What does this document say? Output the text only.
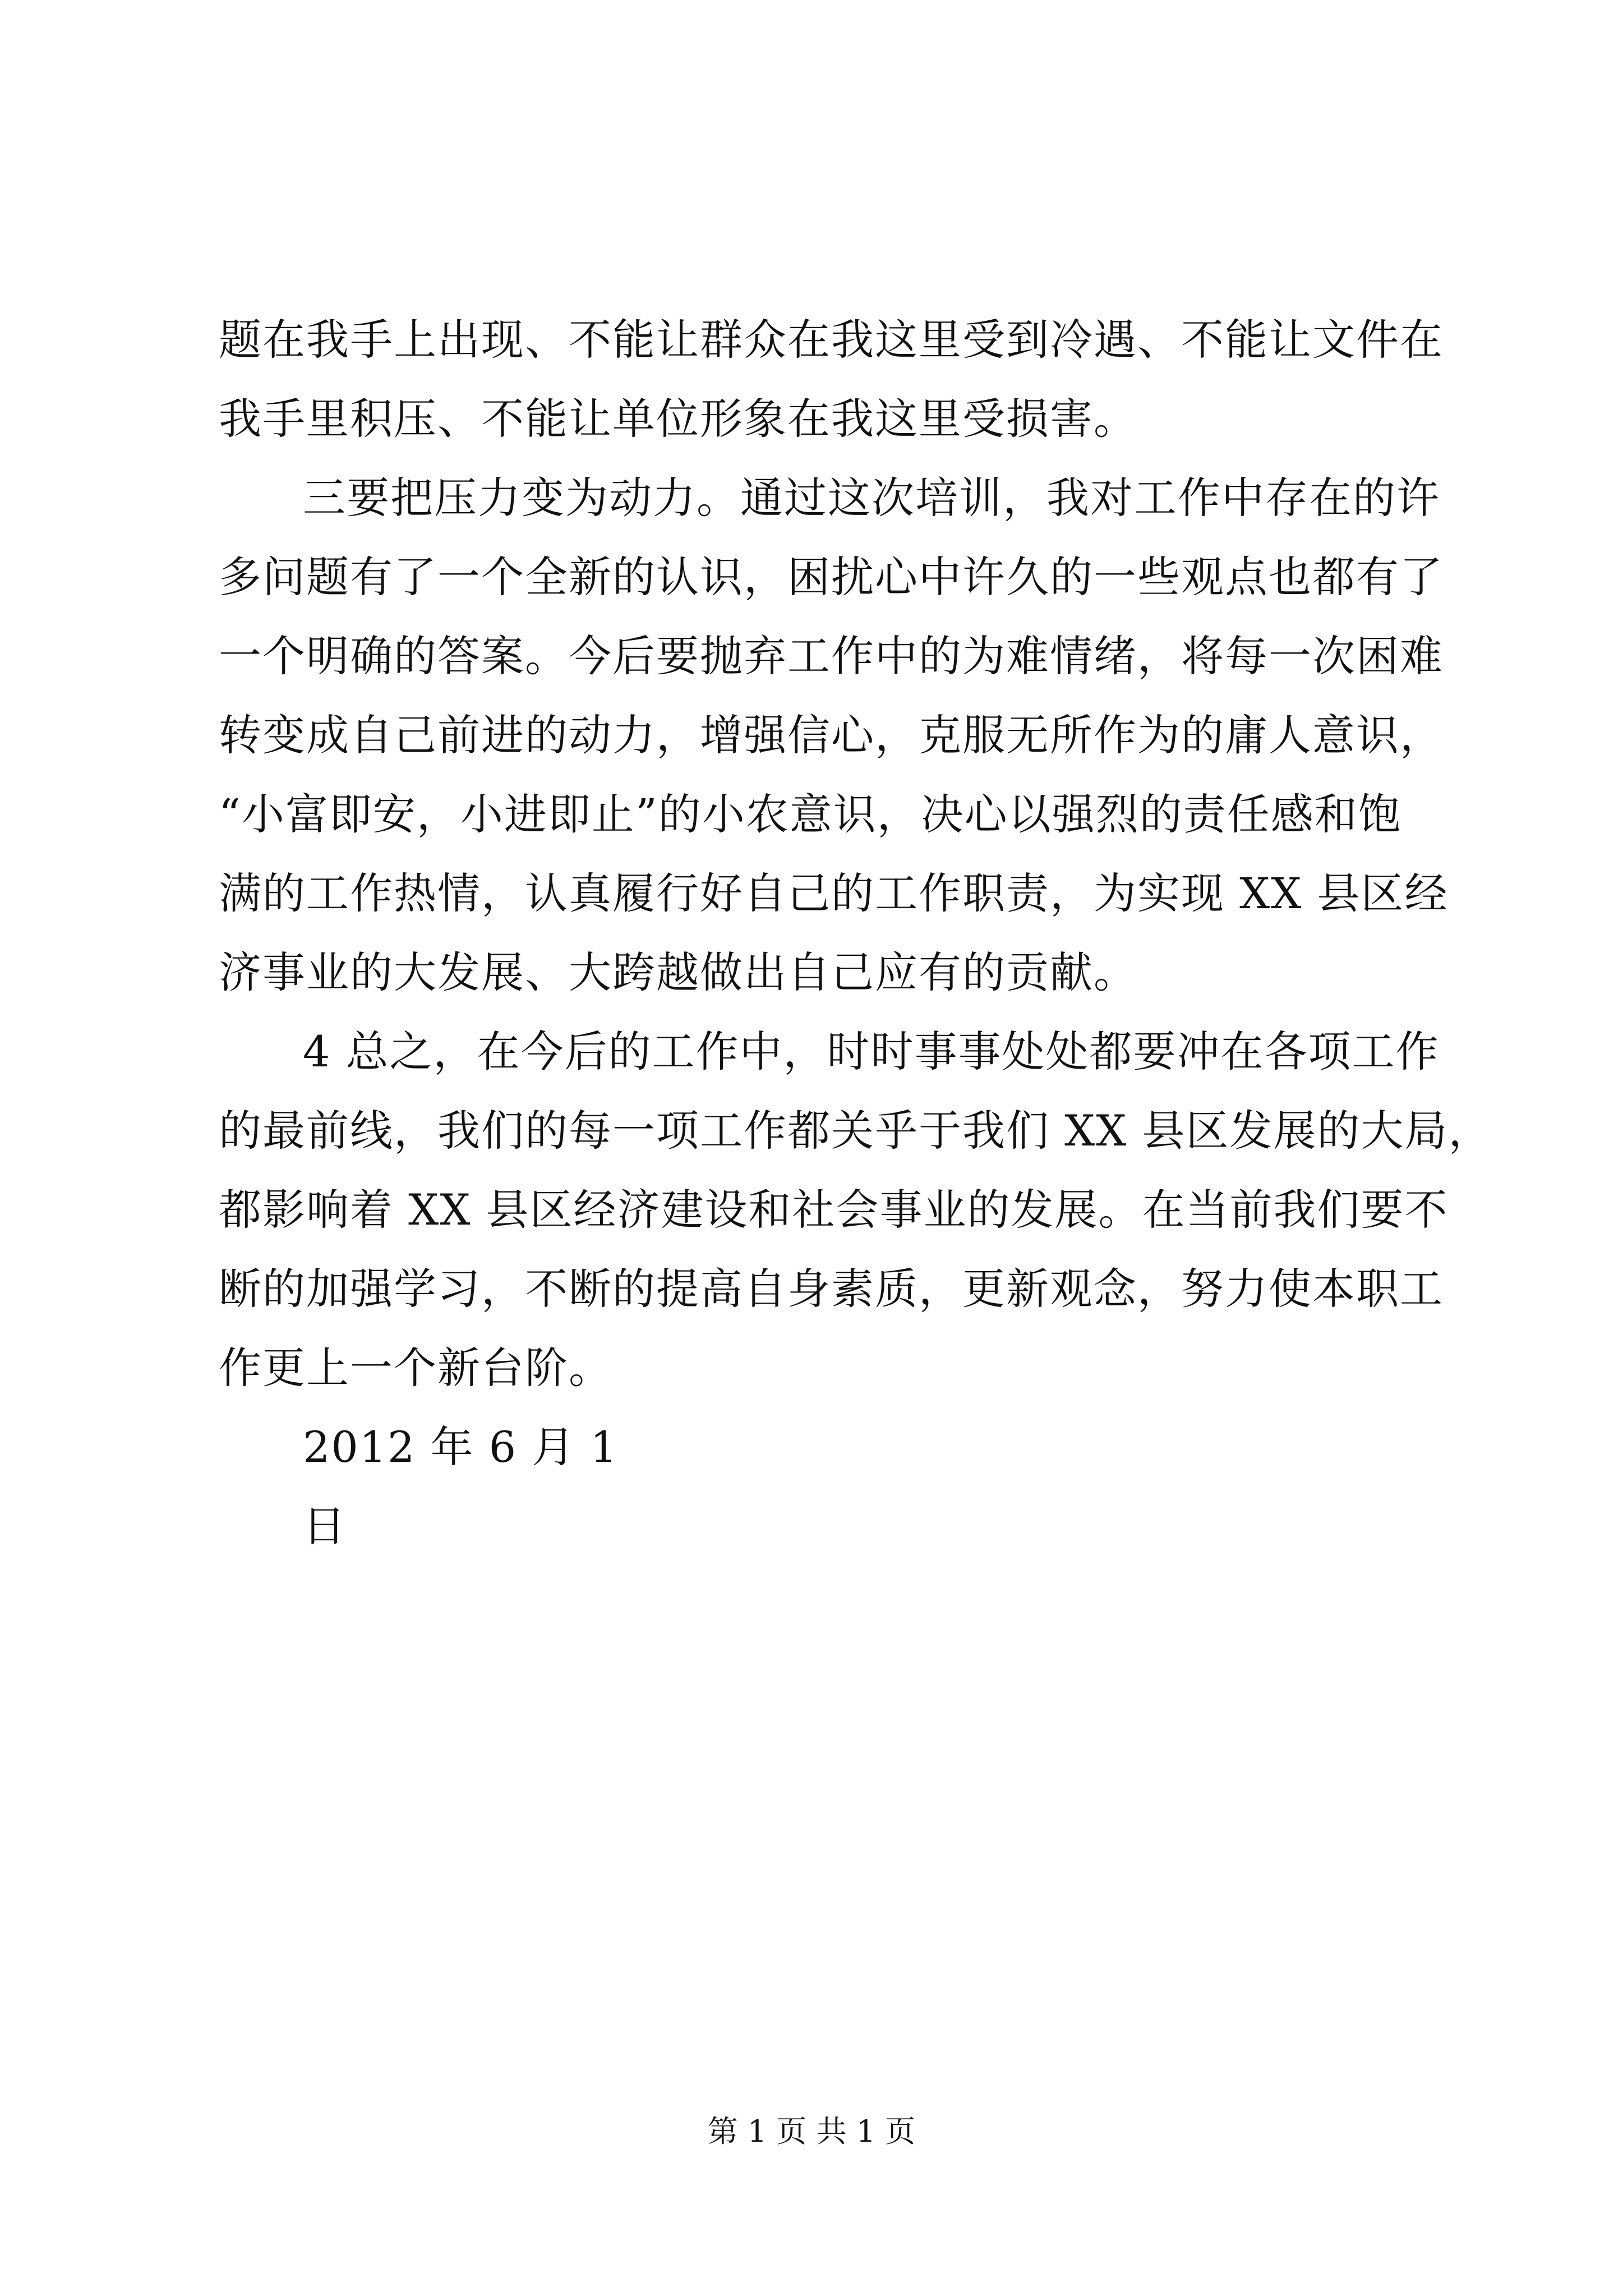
题在我手上出现、不能让群众在我这里受到冷遇、不能让文件在
我手里积压、不能让单位形象在我这里受损害。
三要把压力变为动力。通过这次培训，我对工作中存在的许
多问题有了一个全新的认识，困扰心中许久的一些观点也都有了
一个明确的答案。今后要抛弃工作中的为难情绪，将每一次困难
转变成自己前进的动力，增强信心，克服无所作为的庸人意识，
“小富即安，小进即止”的小农意识，决心以强烈的责任感和饱
满的工作热情，认真履行好自己的工作职责，为实现 XX 县区经
济事业的大发展、大跨越做出自己应有的贡献。
4 总之，在今后的工作中，时时事事处处都要冲在各项工作
的最前线，我们的每一项工作都关乎于我们 XX 县区发展的大局，
都影响着 XX 县区经济建设和社会事业的发展。在当前我们要不
断的加强学习，不断的提高自身素质，更新观念，努力使本职工
作更上一个新台阶。
2012 年 6 月 1
日
第 1 页 共 1 页
